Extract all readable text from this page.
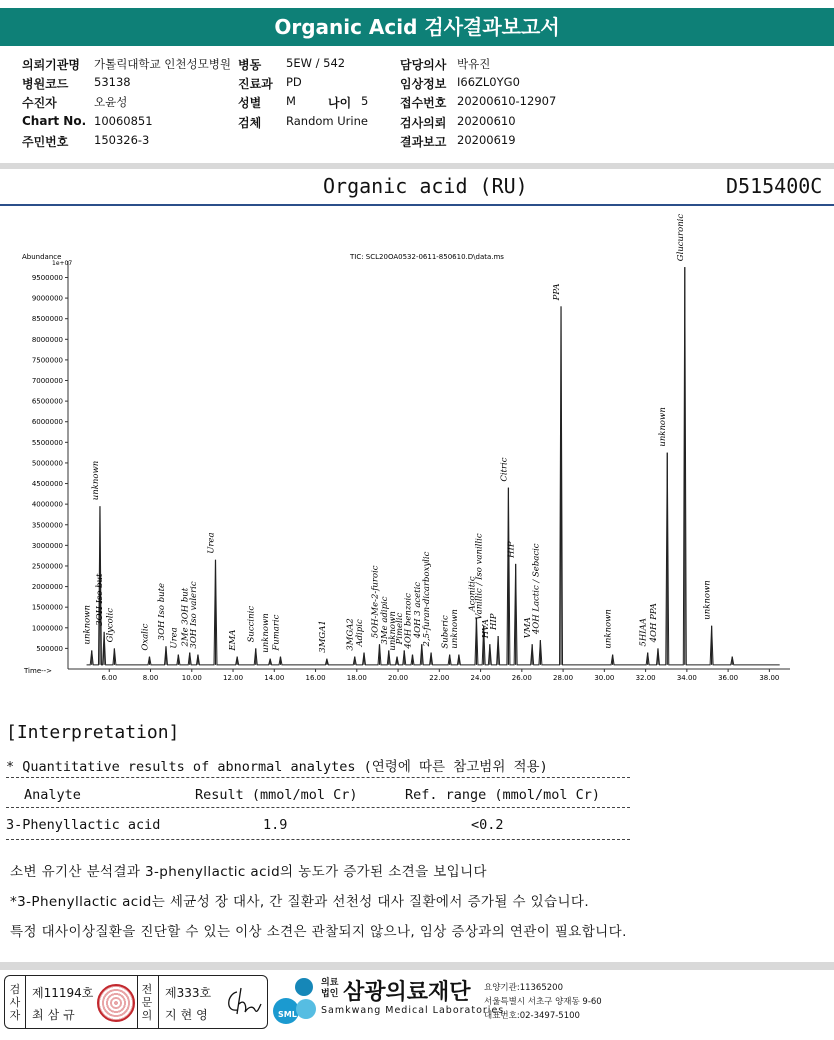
Organic Acid 검사결과보고서
의뢰기관명 가톨릭대학교 인천성모병원
병원코드 53138
수진자	오윤성
Chart No. 10060851
주민번호 150326-3
병동 5EW / 542
진료과 PD
성별 M	나이 5
검체 Random Urine
담당의사 박유진
임상정보 I66ZL0YG0
접수번호 20200610-12907
검사의뢰 20200610
결과보고 20200619
Organic acid (RU)	D515400C
Abundance
1e+07
Time-->
TIC: SCL20OA0532-0611-850610.D\data.ms
500000
1000000
1500000
2000000
2500000
3000000
3500000
4000000
4500000
5000000
5500000
6000000
6500000
7000000
7500000
8000000
8500000
9000000
9500000
6.00	8.00	10.00	12.00	14.00	16.00	18.00	20.00	22.00	24.00	26.00	28.00	30.00	32.00	34.00	36.00	38.00
unknown
unknown
3OH Iso but Glycolic	Oxalic 3OH Iso bute Urea 2Me 3OH but
3OH Iso valeric
Urea
EMA Succinic unknown Fumaric	3MGA1 3MGA2 Adipic 5OH-Me-2-furoic 3Me adipic
unknown
Pimelic
4OH benzoic 4OH 3 acetic 2,5-furan-dicarboxylic Suberic unknown
Aconitic
Vanillic / Iso vanillic
HVA
HIP
Citric
HIP
VMA
4OH Lactic / Sebacic
PPA
unknown	5HIAA 4OH PPA
unknown
Glucuronic
unknown
[Interpretation]
* Quantitative results of abnormal analytes (연령에 따른 참고범위 적용)
Analyte	Result (mmol/mol Cr)	Ref. range (mmol/mol Cr)
3-Phenyllactic acid	1.9	<0.2
소변 유기산 분석결과 3-phenyllactic acid의 농도가 증가된 소견을 보입니다
*3-Phenyllactic acid는 세균성 장 대사, 간 질환과 선천성 대사 질환에서 증가될 수 있습니다.
특정 대사이상질환을 진단할 수 있는 이상 소견은 관찰되지 않으나, 임상 증상과의 연관이 필요합니다.
검사자
제11194호
최삼규
전문의
제333호
지현영	SML
의료
법인 삼광의료재단
Samkwang Medical Laboratories
요양기관:11365200
서울특별시 서초구 양재동 9-60
대표번호:02-3497-5100
